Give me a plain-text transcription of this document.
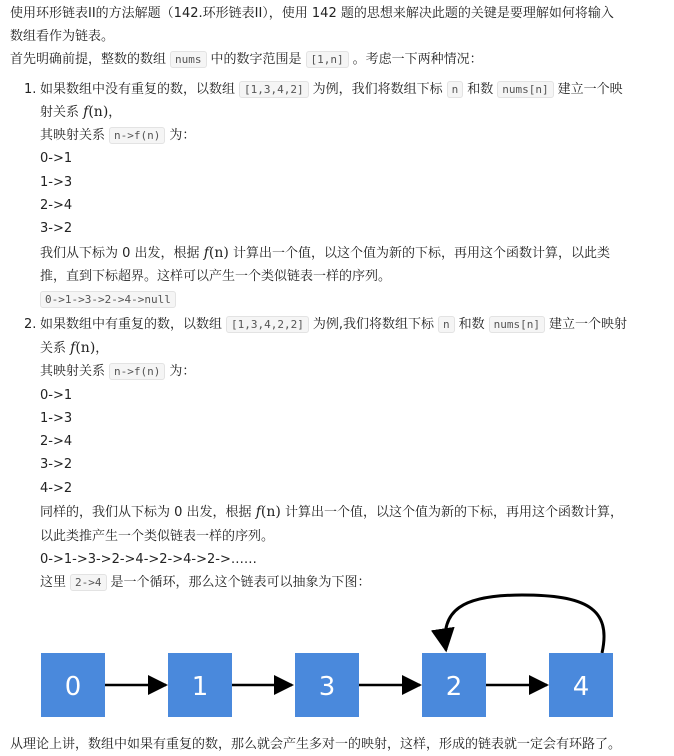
使用环形链表II的方法解题（142.环形链表II），使用 142 题的思想来解决此题的关键是要理解如何将输入
数组看作为链表。
首先明确前提，整数的数组 nums 中的数字范围是 [1,n] 。考虑一下两种情况：
1. 如果数组中没有重复的数，以数组 [1,3,4,2] 为例，我们将数组下标 n 和数 nums[n] 建立一个映
射关系 f(n)，
其映射关系 n->f(n) 为：
0->1
1->3
2->4
3->2
我们从下标为 0 出发，根据 f(n) 计算出一个值，以这个值为新的下标，再用这个函数计算，以此类
推，直到下标超界。这样可以产生一个类似链表一样的序列。
0->1->3->2->4->null
2. 如果数组中有重复的数，以数组 [1,3,4,2,2] 为例,我们将数组下标 n 和数 nums[n] 建立一个映射
关系 f(n)，
其映射关系 n->f(n) 为：
0->1
1->3
2->4
3->2
4->2
同样的，我们从下标为 0 出发，根据 f(n) 计算出一个值，以这个值为新的下标，再用这个函数计算，
以此类推产生一个类似链表一样的序列。
0->1->3->2->4->2->4->2->……
这里 2->4 是一个循环，那么这个链表可以抽象为下图：
0	1	3	2	4
从理论上讲，数组中如果有重复的数，那么就会产生多对一的映射，这样，形成的链表就一定会有环路了。
